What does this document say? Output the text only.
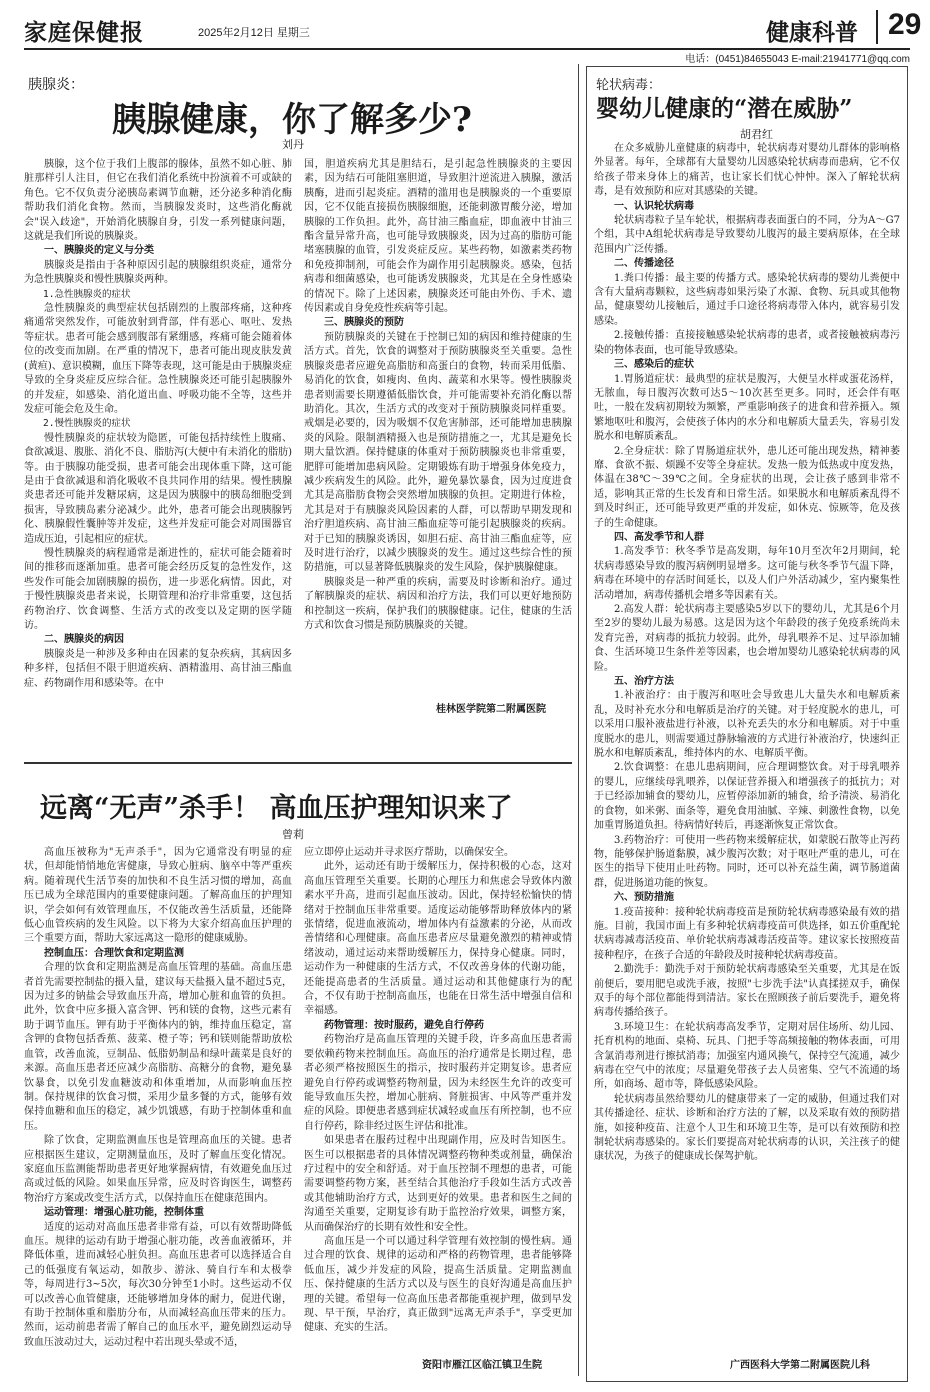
家庭保健报	2025年2月12日 星期三	健康科普 29
电话：(0451)84655043 E-mail:21941771@qq.com
胰腺炎：
胰腺健康，你了解多少?
刘丹

胰腺，这个位于我们上腹部的腺体，虽然不如心脏、肺脏那样引人注目，但它在我们消化系统中扮演着不可或缺的角色。它不仅负责分泌胰岛素调节血糖，还分泌多种消化酶帮助我们消化食物。然而，当胰腺发炎时，这些消化酶就会"误入歧途"，开始消化胰腺自身，引发一系列健康问题，这就是我们所说的胰腺炎。

一、胰腺炎的定义与分类

胰腺炎是指由于各种原因引起的胰腺组织炎症，通常分为急性胰腺炎和慢性胰腺炎两种。

1.急性胰腺炎的症状

急性胰腺炎的典型症状包括剧烈的上腹部疼痛，这种疼痛通常突然发作，可能放射到背部，伴有恶心、呕吐、发热等症状。患者可能会感到腹部有紧绷感，疼痛可能会随着体位的改变而加剧。在严重的情况下，患者可能出现皮肤发黄(黄疸)、意识模糊，血压下降等表现，这可能是由于胰腺炎症导致的全身炎症反应综合征。急性胰腺炎还可能引起胰腺外的并发症，如感染、消化道出血、呼吸功能不全等，这些并发症可能会危及生命。

2.慢性胰腺炎的症状

慢性胰腺炎的症状较为隐匿，可能包括持续性上腹痛、食欲减退、腹胀、消化不良、脂肪泻(大便中有未消化的脂肪)等。由于胰腺功能受损，患者可能会出现体重下降，这可能是由于食欲减退和消化吸收不良共同作用的结果。慢性胰腺炎患者还可能并发糖尿病，这是因为胰腺中的胰岛细胞受到损害，导致胰岛素分泌减少。此外，患者可能会出现胰腺钙化、胰腺假性囊肿等并发症，这些并发症可能会对周围器官造成压迫，引起相应的症状。

慢性胰腺炎的病程通常是渐进性的，症状可能会随着时间的推移而逐渐加重。患者可能会经历反复的急性发作，这些发作可能会加剧胰腺的损伤，进一步恶化病情。因此，对于慢性胰腺炎患者来说，长期管理和治疗非常重要，这包括药物治疗、饮食调整、生活方式的改变以及定期的医学随访。

二、胰腺炎的病因

胰腺炎是一种涉及多种由在因素的复杂疾病，其病因多种多样，包括但不限于胆道疾病、酒精滥用、高甘油三酯血症、药物副作用和感染等。在中

国，胆道疾病尤其是胆结石，是引起急性胰腺炎的主要因素，因为结石可能阻塞胆道，导致胆汁逆流进入胰腺，激活胰酶，进而引起炎症。酒精的滥用也是胰腺炎的一个重要原因，它不仅能直接损伤胰腺细胞，还能刺激胃酸分泌，增加胰腺的工作负担。此外，高甘油三酯血症，即血液中甘油三酯含量异常升高，也可能导致胰腺炎，因为过高的脂肪可能堵塞胰腺的血管，引发炎症反应。某些药物，如激素类药物和免疫抑制剂，可能会作为副作用引起胰腺炎。感染，包括病毒和细菌感染，也可能诱发胰腺炎，尤其是在全身性感染的情况下。除了上述因素，胰腺炎还可能由外伤、手术、遗传因素或自身免疫性疾病等引起。

三、胰腺炎的预防

预防胰腺炎的关键在于控制已知的病因和维持健康的生活方式。首先，饮食的调整对于预防胰腺炎至关重要。急性胰腺炎患者应避免高脂肪和高蛋白的食物，转而采用低脂、易消化的饮食，如瘦肉、鱼肉、蔬菜和水果等。慢性胰腺炎患者则需要长期遵循低脂饮食，并可能需要补充消化酶以帮助消化。其次，生活方式的改变对于预防胰腺炎同样重要。戒烟是必要的，因为吸烟不仅危害肺部，还可能增加患胰腺炎的风险。限制酒精摄入也是预防措施之一，尤其是避免长期大量饮酒。保持健康的体重对于预防胰腺炎也非常重要，肥胖可能增加患病风险。定期锻炼有助于增强身体免疫力，减少疾病发生的风险。此外，避免暴饮暴食，因为过度进食尤其是高脂肪食物会突然增加胰腺的负担。定期进行体检，尤其是对于有胰腺炎风险因素的人群，可以帮助早期发现和治疗胆道疾病、高甘油三酯血症等可能引起胰腺炎的疾病。对于已知的胰腺炎诱因，如胆石症、高甘油三酯血症等，应及时进行治疗，以减少胰腺炎的发生。通过这些综合性的预防措施，可以显著降低胰腺炎的发生风险，保护胰腺健康。

胰腺炎是一种严重的疾病，需要及时诊断和治疗。通过了解胰腺炎的症状、病因和治疗方法，我们可以更好地预防和控制这一疾病，保护我们的胰腺健康。记住，健康的生活方式和饮食习惯是预防胰腺炎的关键。

桂林医学院第二附属医院
远离“无声”杀手！ 高血压护理知识来了
曾莉

高血压被称为"无声杀手"，因为它通常没有明显的症状，但却能悄悄地危害健康，导致心脏病、脑卒中等严重疾病。随着现代生活节奏的加快和不良生活习惯的增加，高血压已成为全球范围内的重要健康问题。了解高血压的护理知识，学会如何有效管理血压，不仅能改善生活质量，还能降低心血管疾病的发生风险。以下将为大家介绍高血压护理的三个重要方面，帮助大家远离这一隐形的健康威胁。

控制血压：合理饮食和定期监测

合理的饮食和定期监测是高血压管理的基础。高血压患者首先需要控制盐的摄入量，建议每天盐摄入量不超过5克，因为过多的钠盐会导致血压升高，增加心脏和血管的负担。此外，饮食中应多摄入富含钾、钙和镁的食物，这些元素有助于调节血压。钾有助于平衡体内的钠，维持血压稳定，富含钾的食物包括香蕉、菠菜、橙子等；钙和镁则能帮助放松血管，改善血流，豆制品、低脂奶制品和绿叶蔬菜是良好的来源。高血压患者还应减少高脂肪、高糖分的食物，避免暴饮暴食，以免引发血糖波动和体重增加，从而影响血压控制。保持规律的饮食习惯，采用少量多餐的方式，能够有效保持血糖和血压的稳定，减少饥饿感，有助于控制体重和血压。

除了饮食，定期监测血压也是管理高血压的关键。患者应根据医生建议，定期测量血压，及时了解血压变化情况。家庭血压监测能帮助患者更好地掌握病情，有效避免血压过高或过低的风险。如果血压异常，应及时咨询医生，调整药物治疗方案或改变生活方式，以保持血压在健康范围内。

运动管理：增强心脏功能，控制体重

适度的运动对高血压患者非常有益，可以有效帮助降低血压。规律的运动有助于增强心脏功能，改善血液循环，并降低体重，进而减轻心脏负担。高血压患者可以选择适合自己的低强度有氧运动，如散步、游泳、骑自行车和太极拳等，每周进行3~5次，每次30分钟至1小时。这些运动不仅可以改善心血管健康，还能够增加身体的耐力，促进代谢，有助于控制体重和脂肪分布，从而减轻高血压带来的压力。然而，运动前患者需了解自己的血压水平，避免剧烈运动导致血压波动过大，运动过程中若出现头晕或不适，

应立即停止运动并寻求医疗帮助，以确保安全。

此外，运动还有助于缓解压力，保持积极的心态，这对高血压管理至关重要。长期的心理压力和焦虑会导致体内激素水平升高，进而引起血压波动。因此，保持轻松愉快的情绪对于控制血压非常重要。适度运动能够帮助释放体内的紧张情绪，促进血液流动，增加体内有益激素的分泌，从而改善情绪和心理健康。高血压患者应尽量避免激烈的精神或情绪波动，通过运动来帮助缓解压力，保持身心健康。同时，运动作为一种健康的生活方式，不仅改善身体的代谢功能，还能提高患者的生活质量。通过运动和其他健康行为的配合，不仅有助于控制高血压，也能在日常生活中增强自信和幸福感。

药物管理：按时服药，避免自行停药

药物治疗是高血压管理的关键手段，许多高血压患者需要依赖药物来控制血压。高血压的治疗通常是长期过程，患者必须严格按照医生的指示，按时服药并定期复诊。患者应避免自行停药或调整药物剂量，因为未经医生允许的改变可能导致血压失控，增加心脏病、肾脏损害、中风等严重并发症的风险。即便患者感到症状减轻或血压有所控制，也不应自行停药，除非经过医生评估和批准。

如果患者在服药过程中出现副作用，应及时告知医生。医生可以根据患者的具体情况调整药物种类或剂量，确保治疗过程中的安全和舒适。对于血压控制不理想的患者，可能需要调整药物方案，甚至结合其他治疗手段如生活方式改善或其他辅助治疗方式，达到更好的效果。患者和医生之间的沟通至关重要，定期复诊有助于监控治疗效果，调整方案，从而确保治疗的长期有效性和安全性。

高血压是一个可以通过科学管理有效控制的慢性病。通过合理的饮食、规律的运动和严格的药物管理，患者能够降低血压，减少并发症的风险，提高生活质量。定期监测血压、保持健康的生活方式以及与医生的良好沟通是高血压护理的关键。希望每一位高血压患者都能重视护理，做到早发现、早干预，早治疗，真正做到"远离无声杀手"，享受更加健康、充实的生活。

资阳市雁江区临江镇卫生院
轮状病毒：
婴幼儿健康的“潜在威胁”
胡君红

在众多威胁儿童健康的病毒中，轮状病毒对婴幼儿群体的影响格外显著。每年，全球都有大量婴幼儿因感染轮状病毒而患病，它不仅给孩子带来身体上的痛苦，也让家长们忧心忡忡。深入了解轮状病毒，是有效预防和应对其感染的关键。

一、认识轮状病毒

轮状病毒粒子呈车轮状，根据病毒表面蛋白的不同，分为A～G7个组，其中A组轮状病毒是导致婴幼儿腹泻的最主要病原体，在全球范围内广泛传播。

二、传播途径

1.粪口传播：最主要的传播方式。感染轮状病毒的婴幼儿粪便中含有大量病毒颗粒，这些病毒如果污染了水源、食物、玩具或其他物品，健康婴幼儿接触后，通过手口途径将病毒带入体内，就容易引发感染。

2.接触传播：直接接触感染轮状病毒的患者，或者接触被病毒污染的物体表面，也可能导致感染。

三、感染后的症状

1.胃肠道症状：最典型的症状是腹泻，大便呈水样或蛋花汤样，无脓血，每日腹泻次数可达5～10次甚至更多。同时，还会伴有呕吐，一般在发病初期较为频繁，严重影响孩子的进食和营养摄入。频繁地呕吐和腹泻，会使孩子体内的水分和电解质大量丢失，容易引发脱水和电解质紊乱。

2.全身症状：除了胃肠道症状外，患儿还可能出现发热，精神萎靡、食欲不振、烦躁不安等全身症状。发热一般为低热或中度发热，体温在38℃～39℃之间。全身症状的出现，会让孩子感到非常不适，影响其正常的生长发育和日常生活。如果脱水和电解质紊乱得不到及时纠正，还可能导致更严重的并发症，如休克、惊厥等，危及孩子的生命健康。

四、高发季节和人群

1.高发季节：秋冬季节是高发期，每年10月至次年2月期间，轮状病毒感染导致的腹泻病例明显增多。这可能与秋冬季节气温下降，病毒在环境中的存活时间延长，以及人们户外活动减少，室内聚集性活动增加，病毒传播机会增多等因素有关。

2.高发人群：轮状病毒主要感染5岁以下的婴幼儿，尤其是6个月至2岁的婴幼儿最为易感。这是因为这个年龄段的孩子免疫系统尚未发育完善，对病毒的抵抗力较弱。此外，母乳喂养不足、过早添加辅食、生活环境卫生条件差等因素，也会增加婴幼儿感染轮状病毒的风险。

五、治疗方法

1.补液治疗：由于腹泻和呕吐会导致患儿大量失水和电解质紊乱，及时补充水分和电解质是治疗的关键。对于轻度脱水的患儿，可以采用口服补液盐进行补液，以补充丢失的水分和电解质。对于中重度脱水的患儿，则需要通过静脉输液的方式进行补液治疗，快速纠正脱水和电解质紊乱，维持体内的水、电解质平衡。

2.饮食调整：在患儿患病期间，应合理调整饮食。对于母乳喂养的婴儿，应继续母乳喂养，以保证营养摄入和增强孩子的抵抗力；对于已经添加辅食的婴幼儿，应暂停添加新的辅食，给予清淡、易消化的食物，如米粥、面条等，避免食用油腻、辛辣、刺激性食物，以免加重胃肠道负担。待病情好转后，再逐渐恢复正常饮食。

3.药物治疗：可使用一些药物来缓解症状，如蒙脱石散等止泻药物，能够保护肠道黏膜，减少腹泻次数；对于呕吐严重的患儿，可在医生的指导下使用止吐药物。同时，还可以补充益生菌，调节肠道菌群，促进肠道功能的恢复。

六、预防措施

1.疫苗接种：接种轮状病毒疫苗是预防轮状病毒感染最有效的措施。目前，我国市面上有多种轮状病毒疫苗可供选择，如五价重配轮状病毒减毒活疫苗、单价轮状病毒减毒活疫苗等。建议家长按照疫苗接种程序，在孩子合适的年龄段及时接种轮状病毒疫苗。

2.勤洗手：勤洗手对于预防轮状病毒感染至关重要，尤其是在饭前便后，要用肥皂或洗手液，按照"七步洗手法"认真揉搓双手，确保双手的每个部位都能得到清洁。家长在照顾孩子前后要洗手，避免将病毒传播给孩子。

3.环境卫生：在轮状病毒高发季节，定期对居住场所、幼儿园、托育机构的地面、桌椅、玩具、门把手等高频接触的物体表面，可用含氯消毒剂进行擦拭消毒；加强室内通风换气，保持空气流通，减少病毒在空气中的浓度；尽量避免带孩子去人员密集、空气不流通的场所，如商场、超市等，降低感染风险。

轮状病毒虽然给婴幼儿的健康带来了一定的威胁，但通过我们对其传播途径、症状、诊断和治疗方法的了解，以及采取有效的预防措施，如接种疫苗、注意个人卫生和环境卫生等，是可以有效预防和控制轮状病毒感染的。家长们要提高对轮状病毒的认识，关注孩子的健康状况，为孩子的健康成长保驾护航。

广西医科大学第二附属医院儿科
